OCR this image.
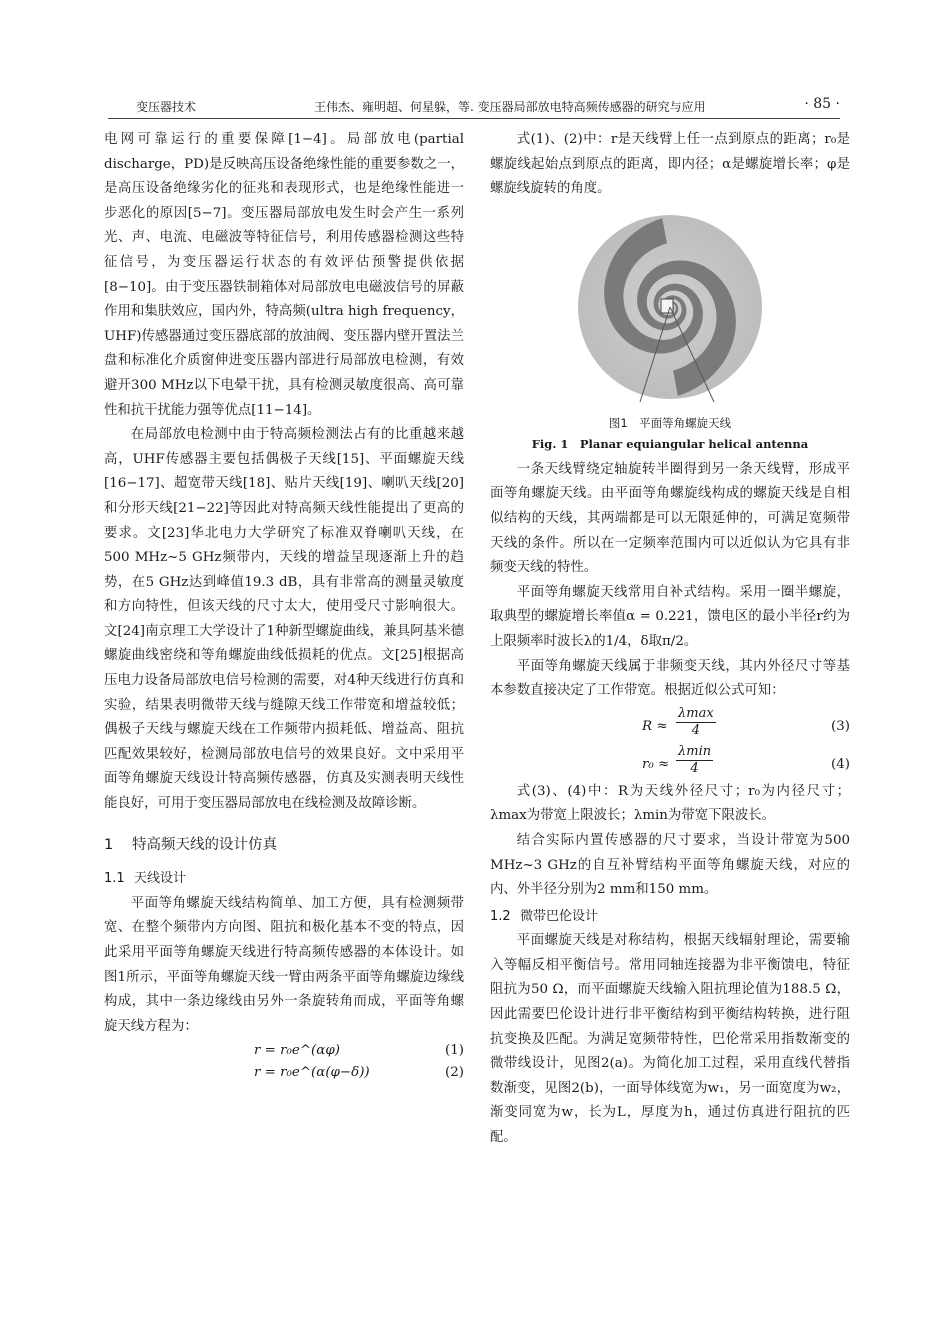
变压器技术	王伟杰、雍明超、何星躲，等. 变压器局部放电特高频传感器的研究与应用	· 85 ·

电网可靠运行的重要保障[1−4]。局部放电(partial discharge，PD)是反映高压设备绝缘性能的重要参数之一，是高压设备绝缘劣化的征兆和表现形式，也是绝缘性能进一步恶化的原因[5−7]。变压器局部放电发生时会产生一系列光、声、电流、电磁波等特征信号，利用传感器检测这些特征信号，为变压器运行状态的有效评估预警提供依据[8−10]。由于变压器铁制箱体对局部放电电磁波信号的屏蔽作用和集肤效应，国内外，特高频(ultra high frequency，UHF)传感器通过变压器底部的放油阀、变压器内壁开置法兰盘和标准化介质窗伸进变压器内部进行局部放电检测，有效避开300 MHz以下电晕干扰，具有检测灵敏度很高、高可靠性和抗干扰能力强等优点[11−14]。

在局部放电检测中由于特高频检测法占有的比重越来越高，UHF传感器主要包括偶极子天线[15]、平面螺旋天线[16−17]、超宽带天线[18]、贴片天线[19]、喇叭天线[20]和分形天线[21−22]等因此对特高频天线性能提出了更高的要求。文[23]华北电力大学研究了标准双脊喇叭天线，在500 MHz~5 GHz频带内，天线的增益呈现逐渐上升的趋势，在5 GHz达到峰值19.3 dB，具有非常高的测量灵敏度和方向特性，但该天线的尺寸太大，使用受尺寸影响很大。文[24]南京理工大学设计了1种新型螺旋曲线，兼具阿基米德螺旋曲线密绕和等角螺旋曲线低损耗的优点。文[25]根据高压电力设备局部放电信号检测的需要，对4种天线进行仿真和实验，结果表明微带天线与缝隙天线工作带宽和增益较低；偶极子天线与螺旋天线在工作频带内损耗低、增益高、阻抗匹配效果较好，检测局部放电信号的效果良好。文中采用平面等角螺旋天线设计特高频传感器，仿真及实测表明天线性能良好，可用于变压器局部放电在线检测及故障诊断。

1 特高频天线的设计仿真
1.1 天线设计

平面等角螺旋天线结构简单、加工方便，具有检测频带宽、在整个频带内方向图、阻抗和极化基本不变的特点，因此采用平面等角螺旋天线进行特高频传感器的本体设计。如图1所示，平面等角螺旋天线一臂由两条平面等角螺旋边缘线构成，其中一条边缘线由另外一条旋转角而成，平面等角螺旋天线方程为：

r = r₀e^(αφ)	(1)
r = r₀e^(α(φ−δ))	(2)

式(1)、(2)中：r是天线臂上任一点到原点的距离；r₀是螺旋线起始点到原点的距离，即内径；α是螺旋增长率；φ是螺旋线旋转的角度。

图1　平面等角螺旋天线
Fig. 1　Planar equiangular helical antenna

一条天线臂绕定轴旋转半圈得到另一条天线臂，形成平面等角螺旋天线。由平面等角螺旋线构成的螺旋天线是自相似结构的天线，其两端都是可以无限延伸的，可满足宽频带天线的条件。所以在一定频率范围内可以近似认为它具有非频变天线的特性。

平面等角螺旋天线常用自补式结构。采用一圈半螺旋，取典型的螺旋增长率值α = 0.221，馈电区的最小半径r约为上限频率时波长λ的1/4，δ取π/2。

平面等角螺旋天线属于非频变天线，其内外径尺寸等基本参数直接决定了工作带宽。根据近似公式可知：

R ≈
λmax
4	(3)
r₀ ≈
λmin
4	(4)

式(3)、(4)中：R为天线外径尺寸；r₀为内径尺寸；λmax为带宽上限波长；λmin为带宽下限波长。

结合实际内置传感器的尺寸要求，当设计带宽为500 MHz~3 GHz的自互补臂结构平面等角螺旋天线，对应的内、外半径分别为2 mm和150 mm。

1.2 微带巴伦设计

平面螺旋天线是对称结构，根据天线辐射理论，需要输入等幅反相平衡信号。常用同轴连接器为非平衡馈电，特征阻抗为50 Ω，而平面螺旋天线输入阻抗理论值为188.5 Ω，因此需要巴伦设计进行非平衡结构到平衡结构转换，进行阻抗变换及匹配。为满足宽频带特性，巴伦常采用指数渐变的微带线设计，见图2(a)。为简化加工过程，采用直线代替指数渐变，见图2(b)，一面导体线宽为w₁，另一面宽度为w₂，渐变同宽为w，长为L，厚度为h，通过仿真进行阻抗的匹配。
